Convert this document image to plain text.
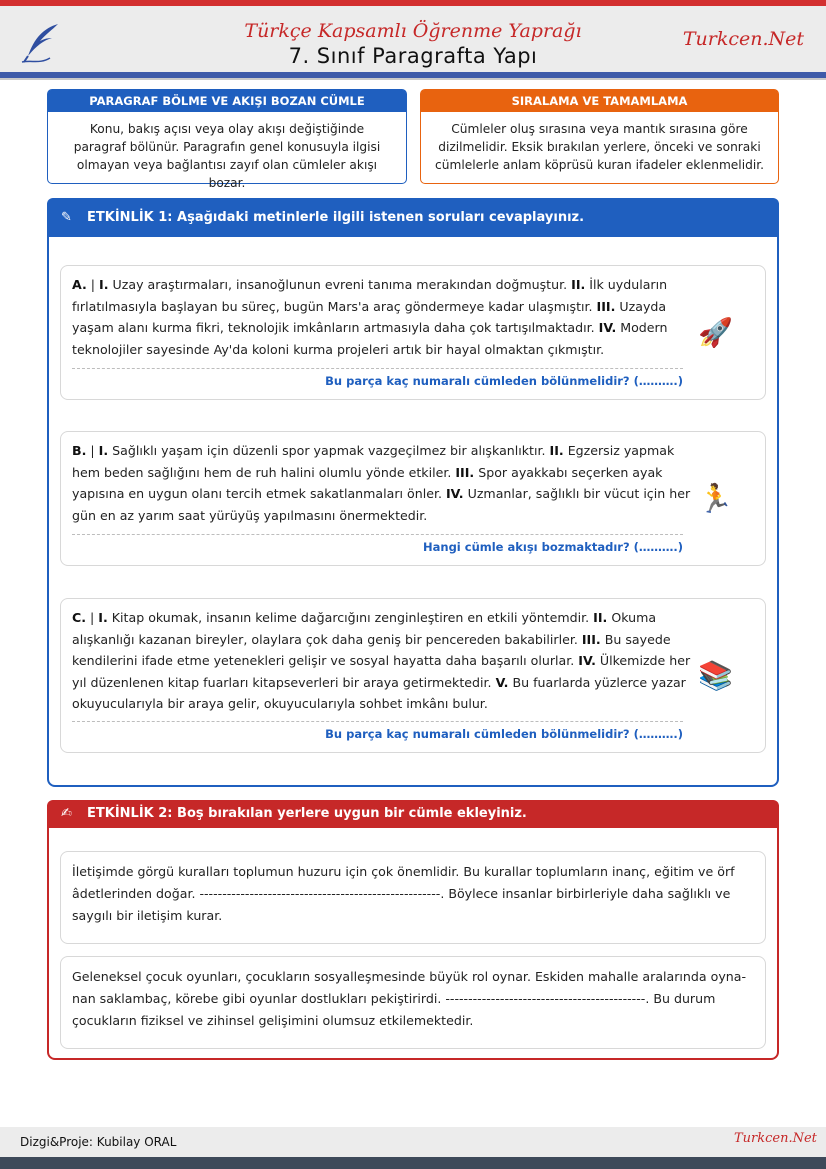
Türkçe Kapsamlı Öğrenme Yaprağı
7. Sınıf Paragrafta Yapı
Turkcen.Net
PARAGRAF BÖLME VE AKIŞI BOZAN CÜMLE
Konu, bakış açısı veya olay akışı değiştiğinde paragraf bölünür. Paragrafın genel konusuyla ilgisi olmayan veya bağlantısı zayıf olan cümleler akışı bozar.
SIRALAMA VE TAMAMLAMA
Cümleler oluş sırasına veya mantık sırasına göre dizilmelidir. Eksik bırakılan yerlere, önceki ve sonraki cümlelerle anlam köprüsü kuran ifadeler eklenmelidir.
✎ ETKİNLİK 1: Aşağıdaki metinlerle ilgili istenen soruları cevaplayınız.
A. | I. Uzay araştırmaları, insanoğlunun evreni tanıma merakından doğmuştur. II. İlk uyduların fırlatılmasıyla başlayan bu süreç, bugün Mars'a araç göndermeye kadar ulaşmıştır. III. Uzayda yaşam alanı kurma fikri, teknolojik imkânların artmasıyla daha çok tartışılmaktadır. IV. Modern teknolojiler sayesinde Ay'da koloni kurma projeleri artık bir hayal olmaktan çıkmıştır.	🚀
Bu parça kaç numaralı cümleden bölünmelidir? (……….)
B. | I. Sağlıklı yaşam için düzenli spor yapmak vazgeçilmez bir alışkanlıktır. II. Egzersiz yapmak hem beden sağlığını hem de ruh halini olumlu yönde etkiler. III. Spor ayakkabı seçerken ayak yapısına en uygun olanı tercih etmek sakatlanmaları önler. IV. Uzmanlar, sağlıklı bir vücut için her gün en az yarım saat yürüyüş yapılmasını önermektedir.	🏃
Hangi cümle akışı bozmaktadır? (……….)
C. | I. Kitap okumak, insanın kelime dağarcığını zenginleştiren en etkili yöntemdir. II. Okuma alışkanlığı kazanan bireyler, olaylara çok daha geniş bir pencereden bakabilirler. III. Bu sayede kendilerini ifade etme yetenekleri gelişir ve sosyal hayatta daha başarılı olurlar. IV. Ülkemizde her yıl düzenlenen kitap fuarları kitapseverleri bir araya getirmektedir. V. Bu fuarlarda yüzlerce yazar okuyucularıyla bir araya gelir, okuyucularıyla sohbet imkânı bulur.
📚
Bu parça kaç numaralı cümleden bölünmelidir? (……….)
✍ ETKİNLİK 2: Boş bırakılan yerlere uygun bir cümle ekleyiniz.
İletişimde görgü kuralları toplumun huzuru için çok önemlidir. Bu kurallar toplumların inanç, eğitim ve örf âdetlerinden doğar. -----------------------------------------------------. Böylece insanlar birbirleriyle daha sağlıklı ve saygılı bir iletişim kurar.
Geleneksel çocuk oyunları, çocukların sosyalleşmesinde büyük rol oynar. Eskiden mahalle aralarında oyna-nan saklambaç, körebe gibi oyunlar dostlukları pekiştirirdi. --------------------------------------------. Bu durum çocukların fiziksel ve zihinsel gelişimini olumsuz etkilemektedir.
Dizgi&Proje: Kubilay ORAL	Turkcen.Net
